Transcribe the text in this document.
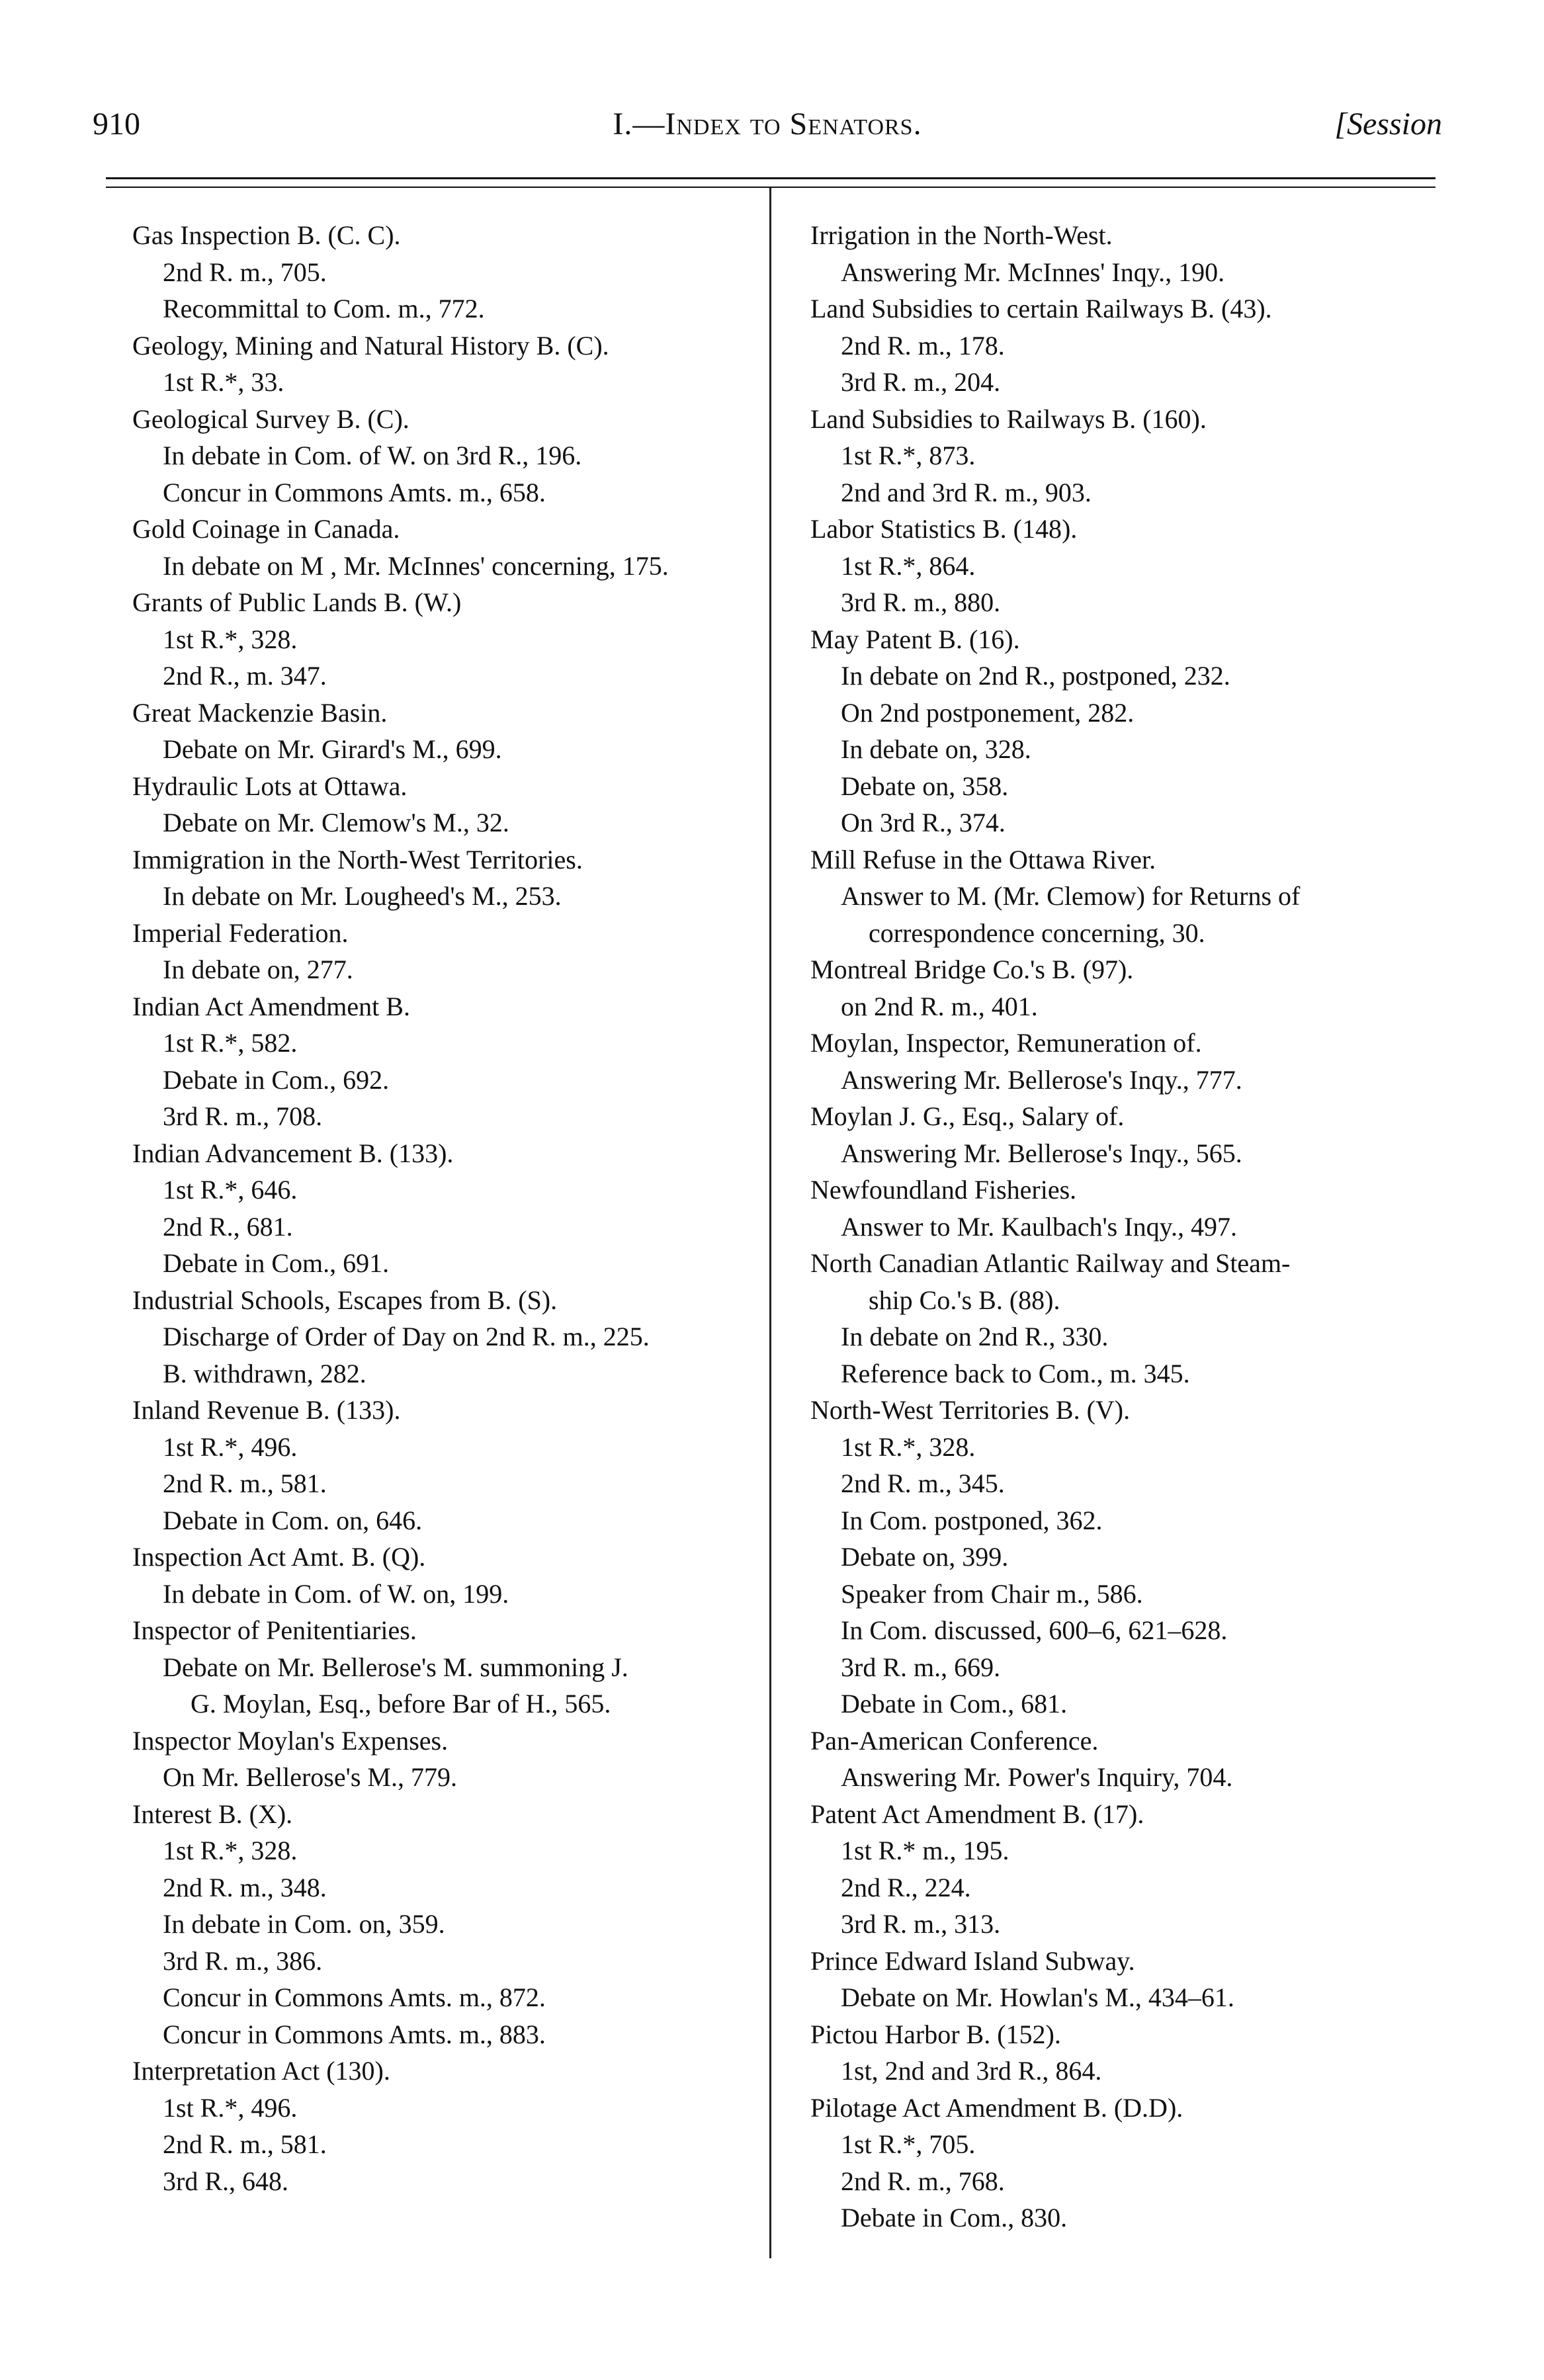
910	I.—Index to Senators.	[Session
Gas Inspection B. (C. C).
2nd R. m., 705.
Recommittal to Com. m., 772.
Geology, Mining and Natural History B. (C).
1st R.*, 33.
Geological Survey B. (C).
In debate in Com. of W. on 3rd R., 196.
Concur in Commons Amts. m., 658.
Gold Coinage in Canada.
In debate on M , Mr. McInnes' concerning, 175.
Grants of Public Lands B. (W.)
1st R.*, 328.
2nd R., m. 347.
Great Mackenzie Basin.
Debate on Mr. Girard's M., 699.
Hydraulic Lots at Ottawa.
Debate on Mr. Clemow's M., 32.
Immigration in the North-West Territories.
In debate on Mr. Lougheed's M., 253.
Imperial Federation.
In debate on, 277.
Indian Act Amendment B.
1st R.*, 582.
Debate in Com., 692.
3rd R. m., 708.
Indian Advancement B. (133).
1st R.*, 646.
2nd R., 681.
Debate in Com., 691.
Industrial Schools, Escapes from B. (S).
Discharge of Order of Day on 2nd R. m., 225.
B. withdrawn, 282.
Inland Revenue B. (133).
1st R.*, 496.
2nd R. m., 581.
Debate in Com. on, 646.
Inspection Act Amt. B. (Q).
In debate in Com. of W. on, 199.
Inspector of Penitentiaries.
Debate on Mr. Bellerose's M. summoning J.
G. Moylan, Esq., before Bar of H., 565.
Inspector Moylan's Expenses.
On Mr. Bellerose's M., 779.
Interest B. (X).
1st R.*, 328.
2nd R. m., 348.
In debate in Com. on, 359.
3rd R. m., 386.
Concur in Commons Amts. m., 872.
Concur in Commons Amts. m., 883.
Interpretation Act (130).
1st R.*, 496.
2nd R. m., 581.
3rd R., 648.
Irrigation in the North-West.
Answering Mr. McInnes' Inqy., 190.
Land Subsidies to certain Railways B. (43).
2nd R. m., 178.
3rd R. m., 204.
Land Subsidies to Railways B. (160).
1st R.*, 873.
2nd and 3rd R. m., 903.
Labor Statistics B. (148).
1st R.*, 864.
3rd R. m., 880.
May Patent B. (16).
In debate on 2nd R., postponed, 232.
On 2nd postponement, 282.
In debate on, 328.
Debate on, 358.
On 3rd R., 374.
Mill Refuse in the Ottawa River.
Answer to M. (Mr. Clemow) for Returns of
correspondence concerning, 30.
Montreal Bridge Co.'s B. (97).
on 2nd R. m., 401.
Moylan, Inspector, Remuneration of.
Answering Mr. Bellerose's Inqy., 777.
Moylan J. G., Esq., Salary of.
Answering Mr. Bellerose's Inqy., 565.
Newfoundland Fisheries.
Answer to Mr. Kaulbach's Inqy., 497.
North Canadian Atlantic Railway and Steam-
ship Co.'s B. (88).
In debate on 2nd R., 330.
Reference back to Com., m. 345.
North-West Territories B. (V).
1st R.*, 328.
2nd R. m., 345.
In Com. postponed, 362.
Debate on, 399.
Speaker from Chair m., 586.
In Com. discussed, 600–6, 621–628.
3rd R. m., 669.
Debate in Com., 681.
Pan-American Conference.
Answering Mr. Power's Inquiry, 704.
Patent Act Amendment B. (17).
1st R.* m., 195.
2nd R., 224.
3rd R. m., 313.
Prince Edward Island Subway.
Debate on Mr. Howlan's M., 434–61.
Pictou Harbor B. (152).
1st, 2nd and 3rd R., 864.
Pilotage Act Amendment B. (D.D).
1st R.*, 705.
2nd R. m., 768.
Debate in Com., 830.
